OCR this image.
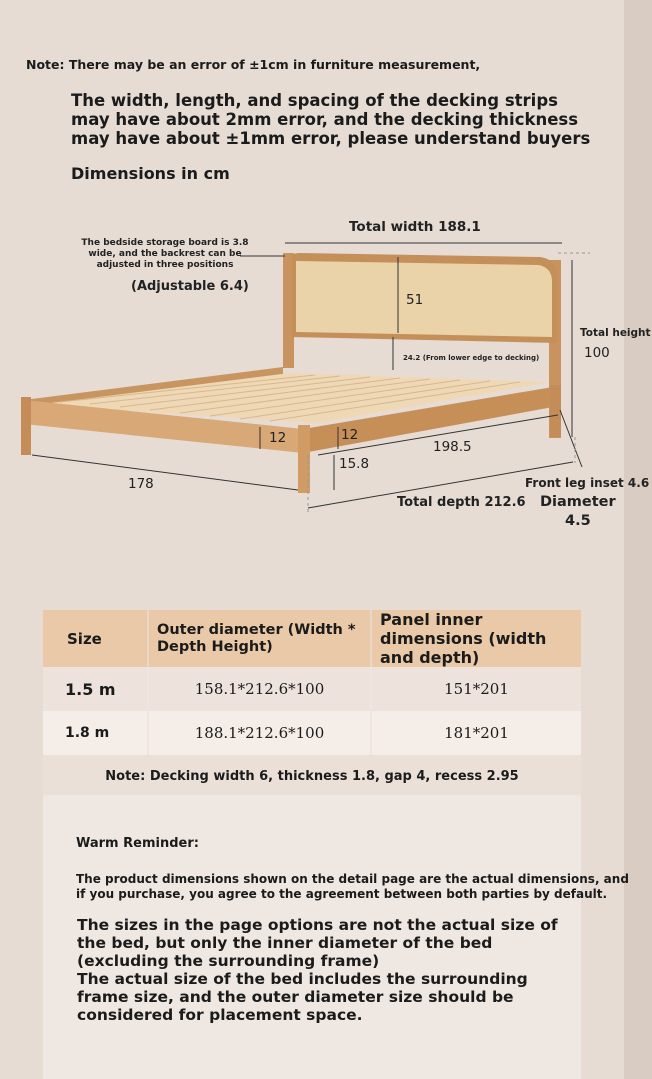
Note: There may be an error of ±1cm in furniture measurement,
The width, length, and spacing of the decking strips
may have about 2mm error, and the decking thickness
may have about ±1mm error, please understand buyers
Dimensions in cm
Total width 188.1
The bedside storage board is 3.8
wide, and the backrest can be
adjusted in three positions
(Adjustable 6.4)
51
24.2 (From lower edge to decking)
Total height
100
12	12
198.5
15.8
178	Front leg inset 4.6
Total depth 212.6 Diameter
4.5
Size	Outer diameter (Width * Depth Height)	Panel inner dimensions (width and depth)
1.5 m	158.1*212.6*100	151*201
1.8 m	188.1*212.6*100	181*201
Note: Decking width 6, thickness 1.8, gap 4, recess 2.95		
Warm Reminder:
The product dimensions shown on the detail page are the actual dimensions, and
if you purchase, you agree to the agreement between both parties by default.
The sizes in the page options are not the actual size of
the bed, but only the inner diameter of the bed
(excluding the surrounding frame)
The actual size of the bed includes the surrounding
frame size, and the outer diameter size should be
considered for placement space.
